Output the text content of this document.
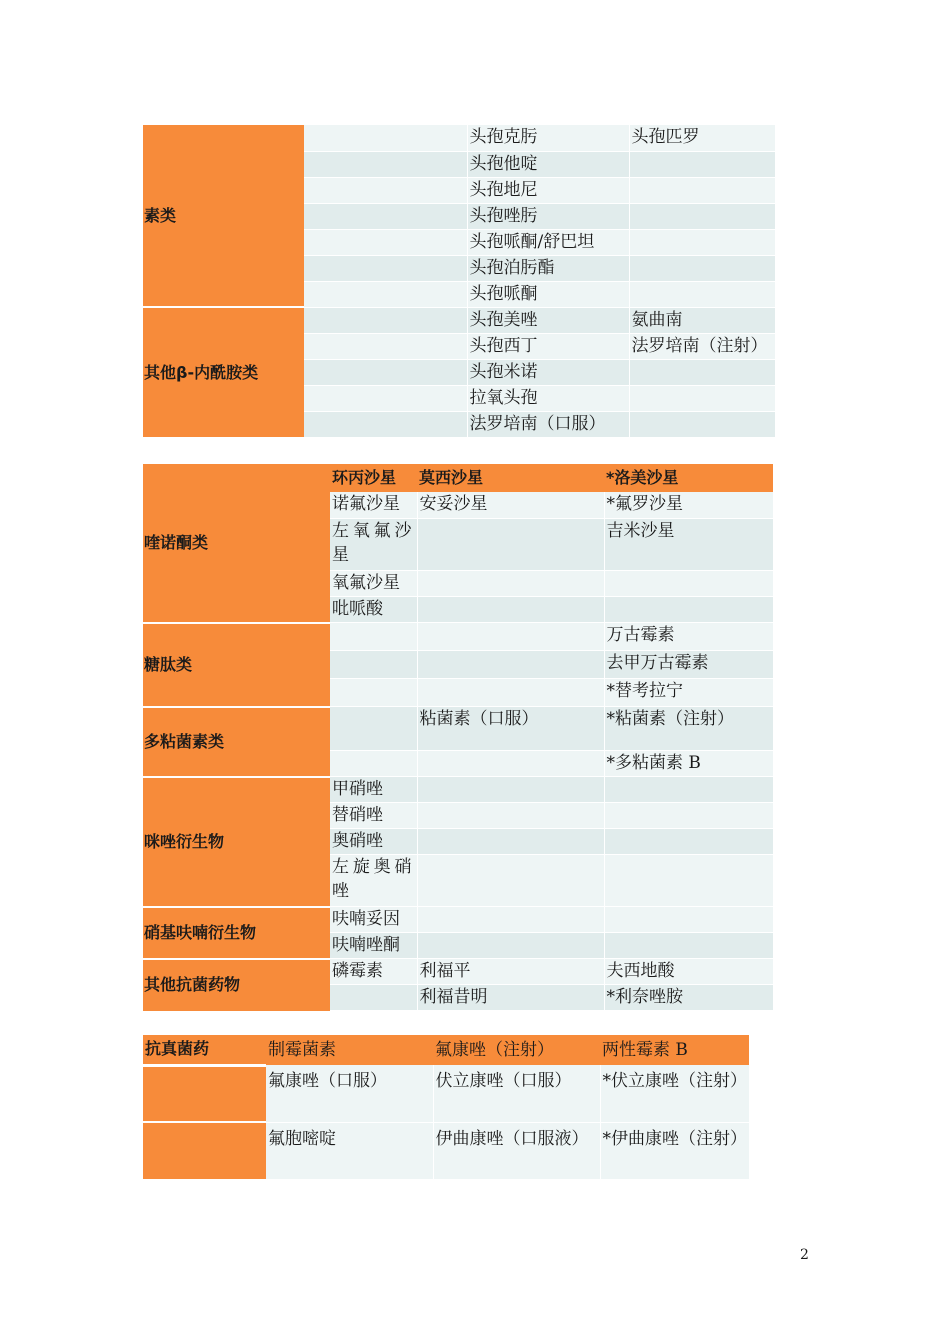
素类		头孢克肟	头孢匹罗
		头孢他啶	
		头孢地尼	
		头孢唑肟	
		头孢哌酮/舒巴坦	
		头孢泊肟酯	
		头孢哌酮	
其他β-内酰胺类		头孢美唑	氨曲南
		头孢西丁	法罗培南（注射）
		头孢米诺	
		拉氧头孢	
		法罗培南（口服）	
喹诺酮类	环丙沙星	莫西沙星	*洛美沙星
	诺氟沙星	安妥沙星	*氟罗沙星
	左氧氟沙星		吉米沙星
	氧氟沙星		
	吡哌酸		

糖肽类			万古霉素
			去甲万古霉素
			*替考拉宁
多粘菌素类		粘菌素（口服）	*粘菌素（注射）
			*多粘菌素 B
咪唑衍生物	甲硝唑		
	替硝唑		
	奥硝唑		
	左旋奥硝唑		
硝基呋喃衍生物	呋喃妥因		
	呋喃唑酮		
其他抗菌药物	磷霉素	利福平	夫西地酸
		利福昔明	*利奈唑胺
抗真菌药	制霉菌素	氟康唑（注射）	两性霉素 B
	氟康唑（口服）	伏立康唑（口服）	*伏立康唑（注射）
	氟胞嘧啶	伊曲康唑（口服液）	*伊曲康唑（注射）
2
